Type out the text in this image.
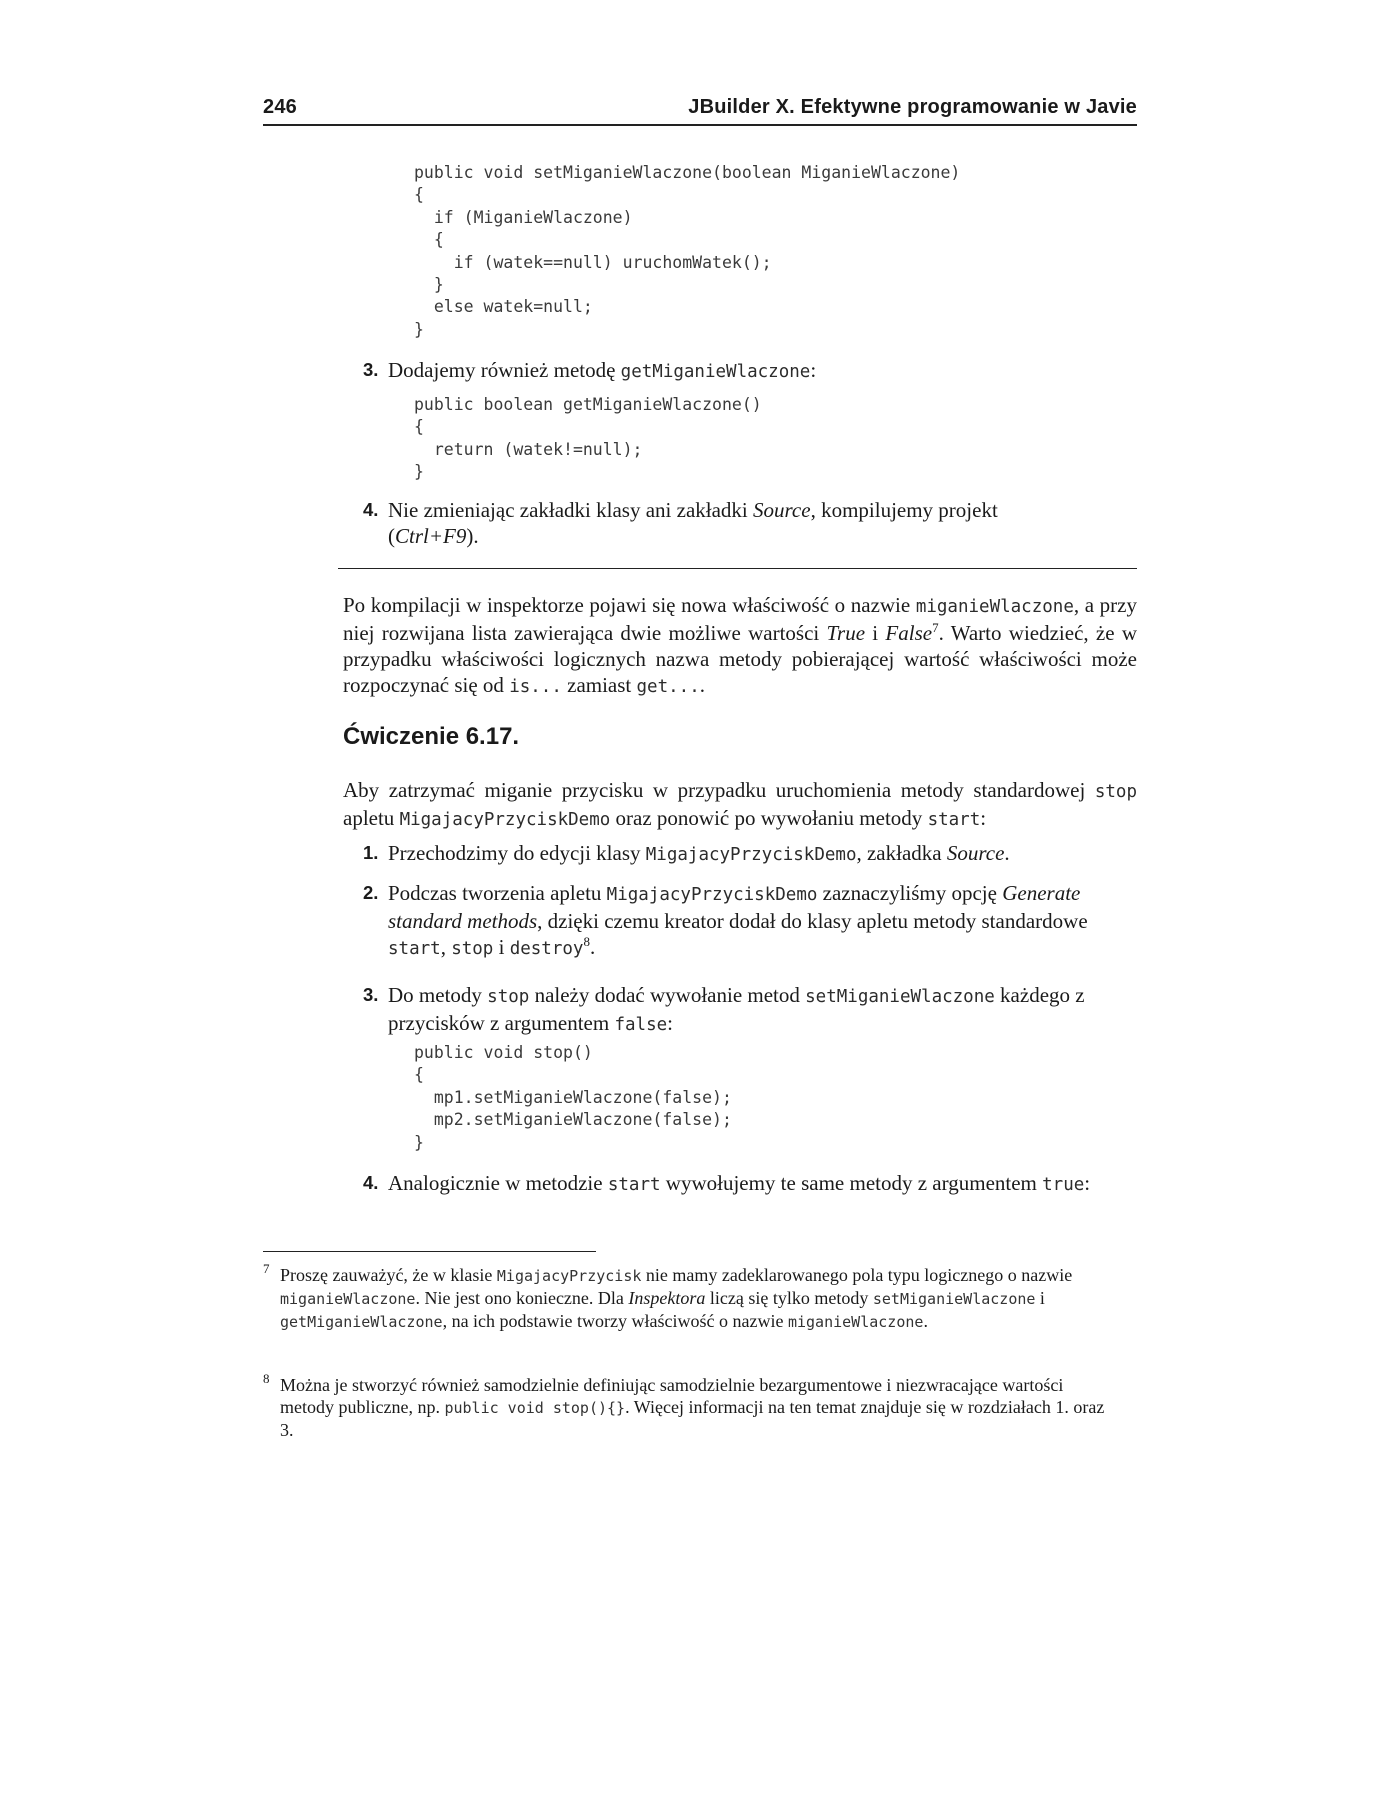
246	JBuilder X. Efektywne programowanie w Javie
public void setMiganieWlaczone(boolean MiganieWlaczone)
{
if (MiganieWlaczone)
{
if (watek==null) uruchomWatek();
}
else watek=null;
}
3. Dodajemy również metodę getMiganieWlaczone:
public boolean getMiganieWlaczone()
{
return (watek!=null);
}
4. Nie zmieniając zakładki klasy ani zakładki Source, kompilujemy projekt
(Ctrl+F9).
Po kompilacji w inspektorze pojawi się nowa właściwość o nazwie miganieWlaczone, a przy niej rozwijana lista zawierająca dwie możliwe wartości True i False$^7$. Warto wiedzieć, że w przypadku właściwości logicznych nazwa metody pobierającej wartość właściwości może rozpoczynać się od is... zamiast get....
Ćwiczenie 6.17.
Aby zatrzymać miganie przycisku w przypadku uruchomienia metody standardowej stop apletu MigajacyPrzyciskDemo oraz ponowić po wywołaniu metody start:
1. Przechodzimy do edycji klasy MigajacyPrzyciskDemo, zakładka Source.
2. Podczas tworzenia apletu MigajacyPrzyciskDemo zaznaczyliśmy opcję Generate standard methods, dzięki czemu kreator dodał do klasy apletu metody standardowe start, stop i destroy$^8$.
3. Do metody stop należy dodać wywołanie metod setMiganieWlaczone każdego z przycisków z argumentem false:
public void stop()
{
mp1.setMiganieWlaczone(false);
mp2.setMiganieWlaczone(false);
}
4. Analogicznie w metodzie start wywołujemy te same metody z argumentem true:
7 Proszę zauważyć, że w klasie MigajacyPrzycisk nie mamy zadeklarowanego pola typu logicznego o nazwie miganieWlaczone. Nie jest ono konieczne. Dla Inspektora liczą się tylko metody setMiganieWlaczone i getMiganieWlaczone, na ich podstawie tworzy właściwość o nazwie miganieWlaczone.
8 Można je stworzyć również samodzielnie definiując samodzielnie bezargumentowe i niezwracające wartości metody publiczne, np. public void stop(){}. Więcej informacji na ten temat znajduje się w rozdziałach 1. oraz 3.
